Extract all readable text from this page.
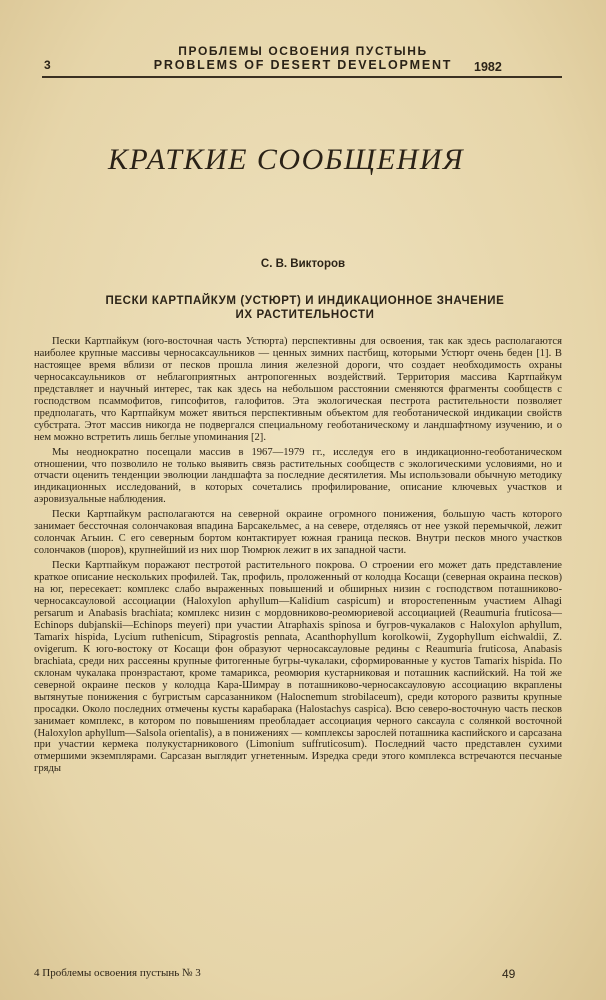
ПРОБЛЕМЫ ОСВОЕНИЯ ПУСТЫНЬ
3	PROBLEMS OF DESERT DEVELOPMENT	1982
КРАТКИЕ СООБЩЕНИЯ
С. В. Викторов
ПЕСКИ КАРТПАЙКУМ (УСТЮРТ) И ИНДИКАЦИОННОЕ ЗНАЧЕНИЕ
ИХ РАСТИТЕЛЬНОСТИ

Пески Картпайкум (юго-восточная часть Устюрта) перспективны для освоения, так как здесь располагаются наиболее крупные массивы черносаксаульников — ценных зимних пастбищ, которыми Устюрт очень беден [1]. В настоящее время вблизи от песков прошла линия железной дороги, что создает необходимость охраны черносаксаульников от неблагоприятных антропогенных воздействий. Территория массива Картпайкум представляет и научный интерес, так как здесь на небольшом расстоянии сменяются фрагменты сообществ с господством псаммофитов, гипсофитов, галофитов. Эта экологическая пестрота растительности позволяет предполагать, что Картпайкум может явиться перспективным объектом для геоботанической индикации свойств субстрата. Этот массив никогда не подвергался специальному геоботаническому и ландшафтному изучению, и о нем можно встретить лишь беглые упоминания [2].

Мы неоднократно посещали массив в 1967—1979 гг., исследуя его в индикационно-геоботаническом отношении, что позволило не только выявить связь растительных сообществ с экологическими условиями, но и отчасти оценить тенденции эволюции ландшафта за последние десятилетия. Мы использовали обычную методику индикационных исследований, в которых сочетались профилирование, описание ключевых участков и аэровизуальные наблюдения.

Пески Картпайкум располагаются на северной окраине огромного понижения, большую часть которого занимает бессточная солончаковая впадина Барсакельмес, а на севере, отделяясь от нее узкой перемычкой, лежит солончак Агыин. С его северным бортом контактирует южная граница песков. Внутри песков много участков солончаков (шоров), крупнейший из них шор Тюмрюк лежит в их западной части.

Пески Картпайкум поражают пестротой растительного покрова. О строении его может дать представление краткое описание нескольких профилей. Так, профиль, проложенный от колодца Косащи (северная окраина песков) на юг, пересекает: комплекс слабо выраженных повышений и обширных низин с господством поташниково-черносаксауловой ассоциации (Haloxylon aphyllum—Kalidium caspicum) и второстепенным участием Alhagi persarum и Anabasis brachiata; комплекс низин с мордовниково-реомюриевой ассоциацией (Reaumuria fruticosa—Echinops dubjanskii—Echinops meyeri) при участии Atraphaxis spinosa и бугров-чукалаков с Haloxylon aphyllum, Tamarix hispida, Lycium ruthenicum, Stipagrostis pennata, Acanthophyllum korolkowii, Zygophyllum eichwaldii, Z. ovigerum. К юго-востоку от Косащи фон образуют черносаксауловые редины с Reaumuria fruticosa, Anabasis brachiata, среди них рассеяны крупные фитогенные бугры-чукалаки, сформированные у кустов Tamarix hispida. По склонам чукалака пронзрастают, кроме тамарикса, реомюрия кустарниковая и поташник каспийский. На той же северной окраине песков у колодца Кара-Шимрау в поташниково-черносаксауловую ассоциацию вкраплены вытянутые понижения с бугристым сарсазанником (Halocnemum strobilaceum), среди которого развиты крупные просадки. Около последних отмечены кусты карабарака (Halostachys caspica). Всю северо-восточную часть песков занимает комплекс, в котором по повышениям преобладает ассоциация черного саксаула с солянкой восточной (Haloxylon aphyllum—Salsola orientalis), а в понижениях — комплексы зарослей поташника каспийского и сарсазана при участии кермека полукустарникового (Limonium suffruticosum). Последний часто представлен сухими отмершими экземплярами. Сарсазан выглядит угнетенным. Изредка среди этого комплекса встречаются песчаные гряды

4 Проблемы освоения пустынь № 3	49
